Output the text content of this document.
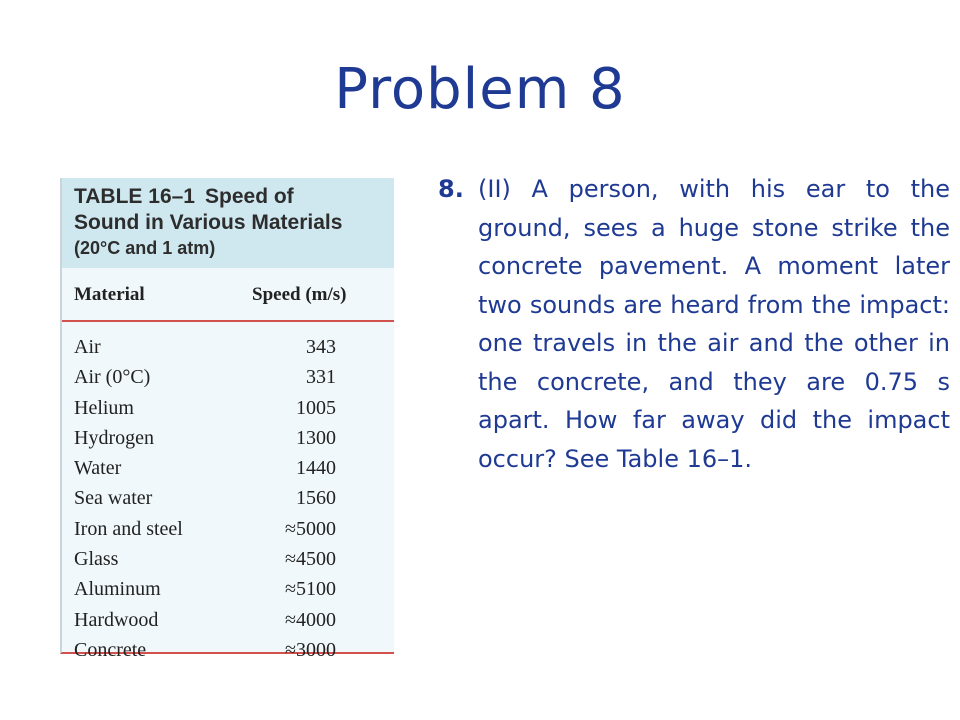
Problem 8
TABLE 16–1 Speed of
Sound in Various Materials
(20°C and 1 atm)
Material	Speed (m/s)
Air	343
Air (0°C)	331
Helium	1005
Hydrogen	1300
Water	1440
Sea water	1560
Iron and steel	≈5000
Glass	≈4500
Aluminum	≈5100
Hardwood	≈4000
Concrete	≈3000
8. (II) A person, with his ear to the ground, sees a huge stone strike the concrete pavement. A moment later two sounds are heard from the impact: one travels in the air and the other in the concrete, and they are 0.75 s apart. How far away did the impact occur? See Table 16–1.
